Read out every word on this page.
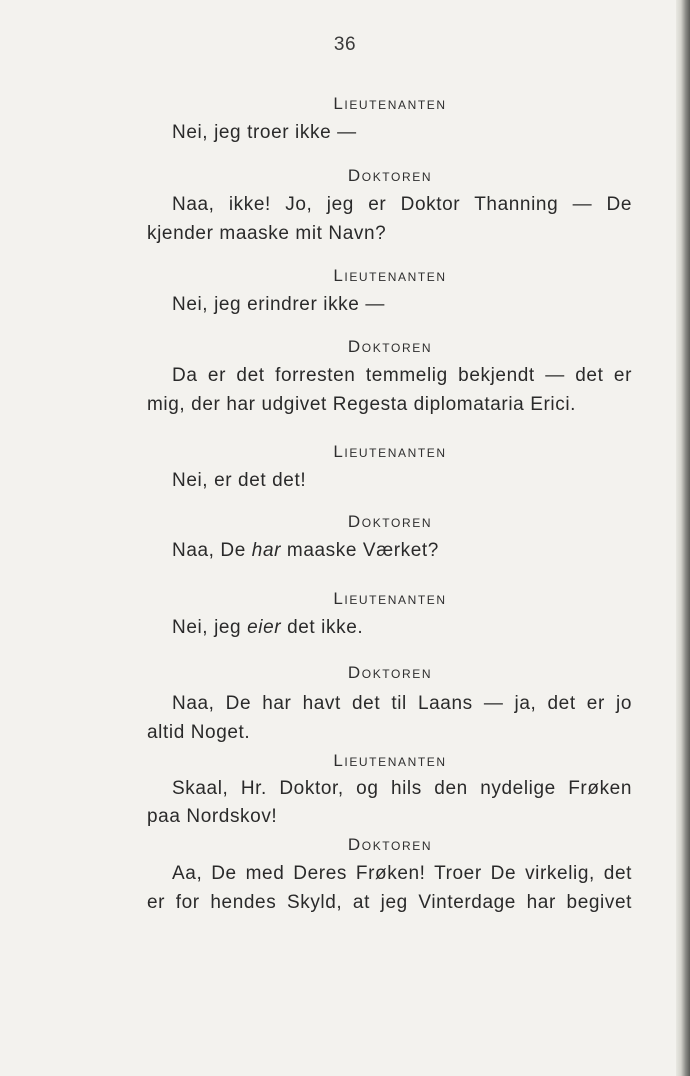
36
Lieutenanten
Nei, jeg troer ikke —
Doktoren
Naa, ikke! Jo, jeg er Doktor Thanning — De
kjender maaske mit Navn?
Lieutenanten
Nei, jeg erindrer ikke —
Doktoren
Da er det forresten temmelig bekjendt — det er
mig, der har udgivet Regesta diplomataria Erici.
Lieutenanten
Nei, er det det!
Doktoren
Naa, De har maaske Værket?
Lieutenanten
Nei, jeg eier det ikke.
Doktoren
Naa, De har havt det til Laans — ja, det er jo
altid Noget.
Lieutenanten
Skaal, Hr. Doktor, og hils den nydelige Frøken
paa Nordskov!
Doktoren
Aa, De med Deres Frøken! Troer De virkelig, det
er for hendes Skyld, at jeg Vinterdage har begivet
